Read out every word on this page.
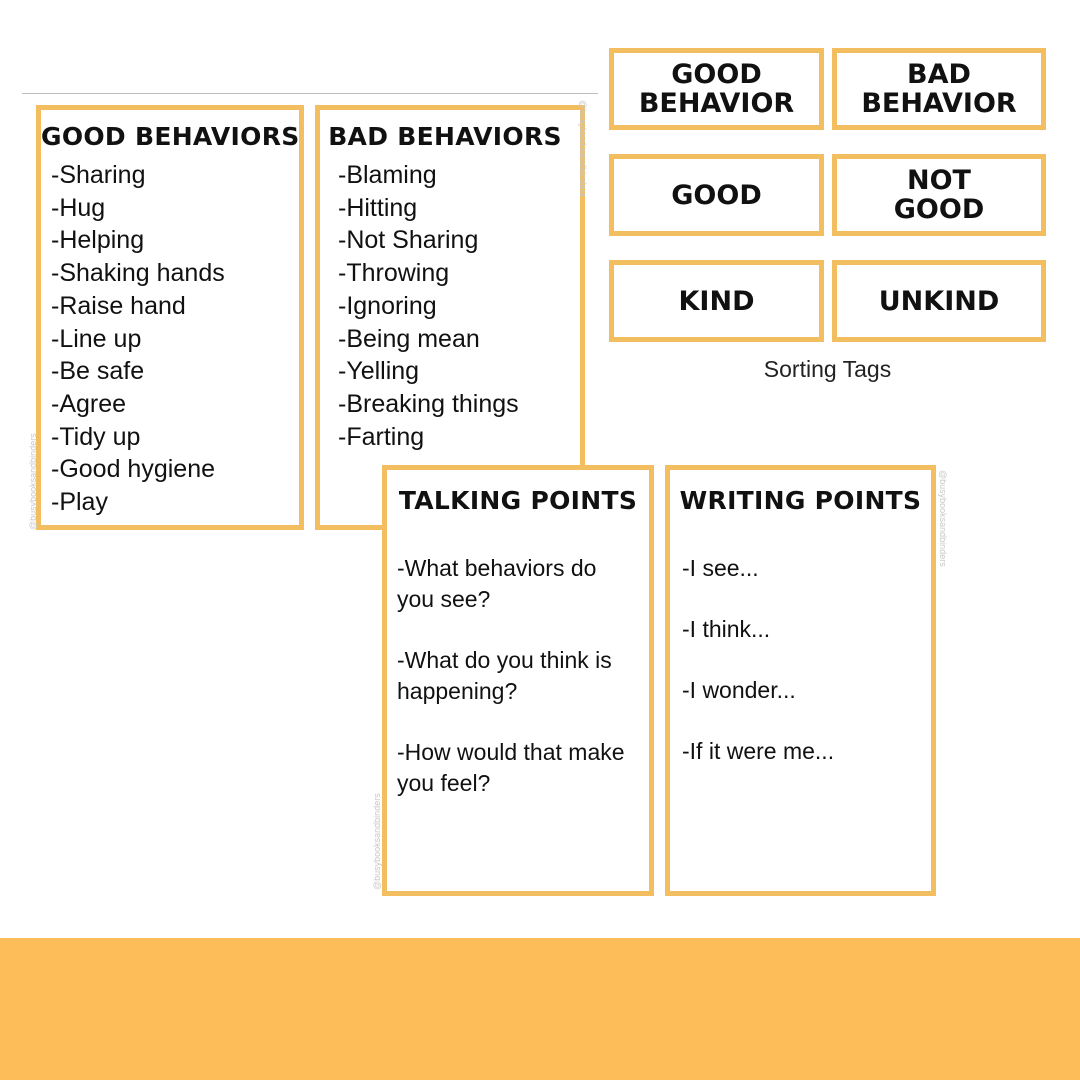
GOOD BEHAVIORS
-Sharing
-Hug
-Helping
-Shaking hands
-Raise hand
-Line up
-Be safe
-Agree
-Tidy up
-Good hygiene
-Play
BAD BEHAVIORS
-Blaming
-Hitting
-Not Sharing
-Throwing
-Ignoring
-Being mean
-Yelling
-Breaking things
-Farting
GOOD
BEHAVIOR
BAD
BEHAVIOR
GOOD	NOT
GOOD
KIND	UNKIND
Sorting Tags
TALKING POINTS

-What behaviors do you see?

-What do you think is happening?

-How would that make you feel?

WRITING POINTS

-I see...

-I think...

-I wonder...

-If it were me...

@busybooksandbinders
@busybooksandbinders
@busybooksandbinders
@busybooksandbinders
